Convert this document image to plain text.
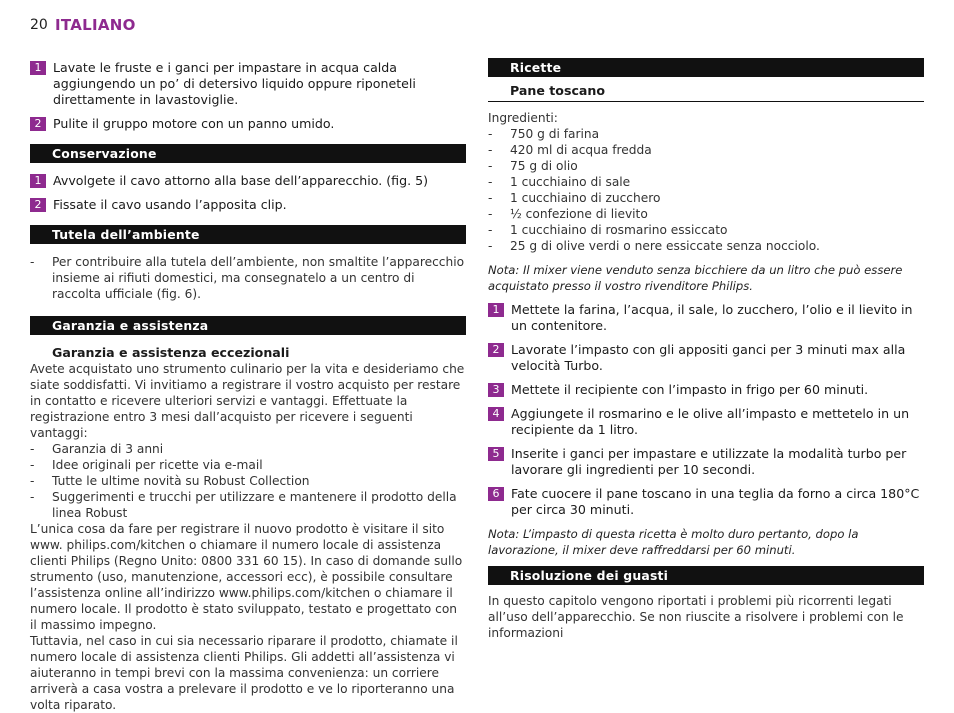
20 ITALIANO
1 Lavate le fruste e i ganci per impastare in acqua calda aggiungendo un po’ di detersivo liquido oppure riponeteli direttamente in lavastoviglie.
2 Pulite il gruppo motore con un panno umido.
Conservazione
1 Avvolgete il cavo attorno alla base dell’apparecchio. (fig. 5)
2 Fissate il cavo usando l’apposita clip.
Tutela dell’ambiente
- Per contribuire alla tutela dell’ambiente, non smaltite l’apparecchio insieme ai rifiuti domestici, ma consegnatelo a un centro di raccolta ufficiale (fig. 6).
Garanzia e assistenza
Garanzia e assistenza eccezionali
Avete acquistato uno strumento culinario per la vita e desideriamo che siate soddisfatti. Vi invitiamo a registrare il vostro acquisto per restare in contatto e ricevere ulteriori servizi e vantaggi. Effettuate la registrazione entro 3 mesi dall’acquisto per ricevere i seguenti vantaggi:
- Garanzia di 3 anni
- Idee originali per ricette via e-mail
- Tutte le ultime novità su Robust Collection
- Suggerimenti e trucchi per utilizzare e mantenere il prodotto della linea Robust
L’unica cosa da fare per registrare il nuovo prodotto è visitare il sito www. philips.com/kitchen o chiamare il numero locale di assistenza clienti Philips (Regno Unito: 0800 331 60 15). In caso di domande sullo strumento (uso, manutenzione, accessori ecc), è possibile consultare l’assistenza online all’indirizzo www.philips.com/kitchen o chiamare il numero locale. Il prodotto è stato sviluppato, testato e progettato con il massimo impegno.
Tuttavia, nel caso in cui sia necessario riparare il prodotto, chiamate il numero locale di assistenza clienti Philips. Gli addetti all’assistenza vi aiuteranno in tempi brevi con la massima convenienza: un corriere arriverà a casa vostra a prelevare il prodotto e ve lo riporteranno una volta riparato.
Ricette
Pane toscano
Ingredienti:
- 750 g di farina
- 420 ml di acqua fredda
- 75 g di olio
- 1 cucchiaino di sale
- 1 cucchiaino di zucchero
- ½ confezione di lievito
- 1 cucchiaino di rosmarino essiccato
- 25 g di olive verdi o nere essiccate senza nocciolo.
Nota: Il mixer viene venduto senza bicchiere da un litro che può essere acquistato presso il vostro rivenditore Philips.
1 Mettete la farina, l’acqua, il sale, lo zucchero, l’olio e il lievito in un contenitore.
2 Lavorate l’impasto con gli appositi ganci per 3 minuti max alla velocità Turbo.
3 Mettete il recipiente con l’impasto in frigo per 60 minuti.
4 Aggiungete il rosmarino e le olive all’impasto e mettetelo in un recipiente da 1 litro.
5 Inserite i ganci per impastare e utilizzate la modalità turbo per lavorare gli ingredienti per 10 secondi.
6 Fate cuocere il pane toscano in una teglia da forno a circa 180°C per circa 30 minuti.
Nota: L’impasto di questa ricetta è molto duro pertanto, dopo la lavorazione, il mixer deve raffreddarsi per 60 minuti.
Risoluzione dei guasti
In questo capitolo vengono riportati i problemi più ricorrenti legati all’uso dell’apparecchio. Se non riuscite a risolvere i problemi con le informazioni
